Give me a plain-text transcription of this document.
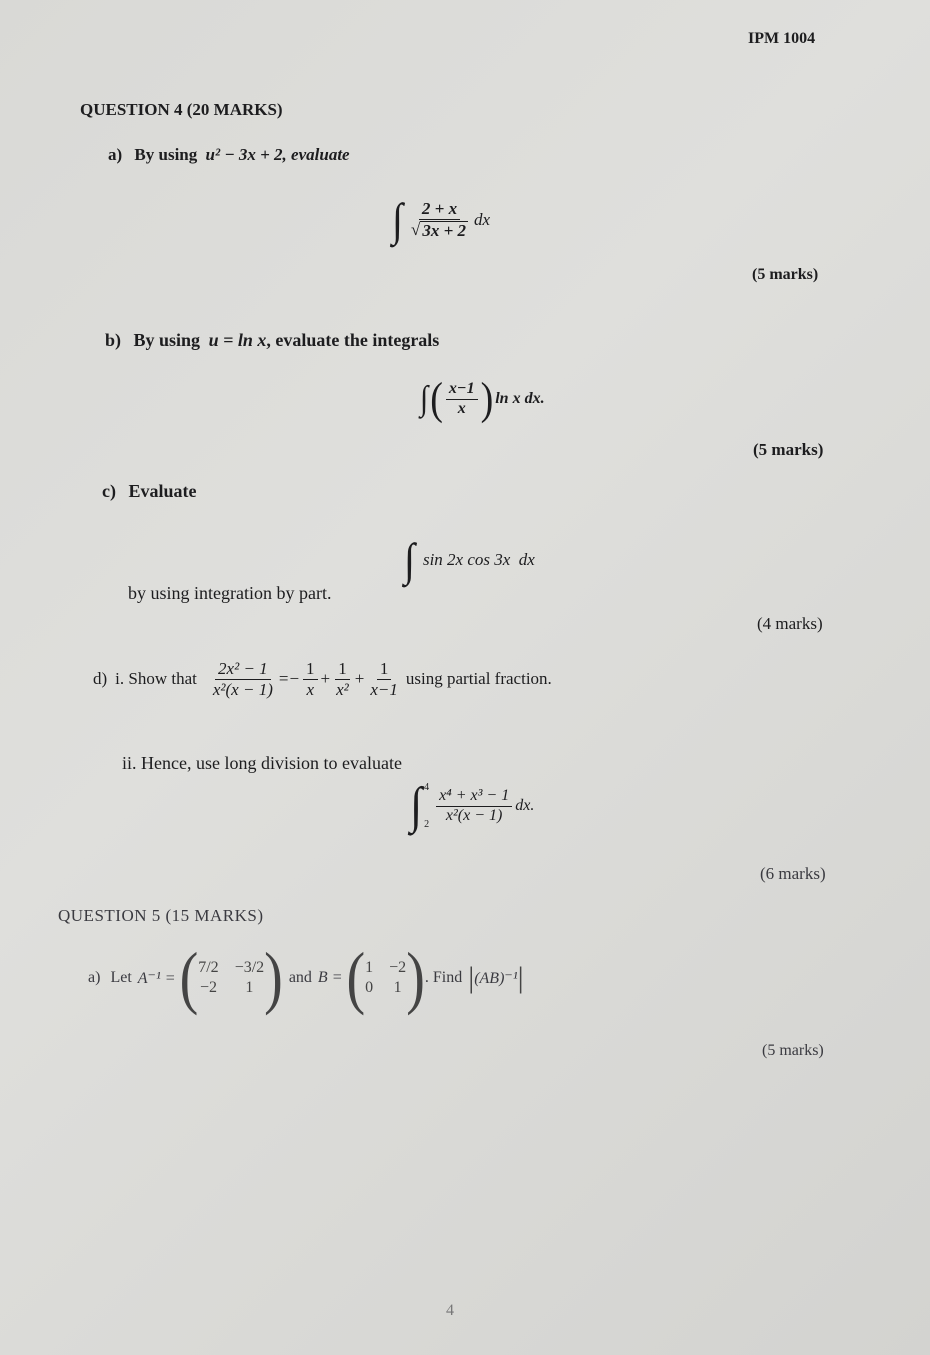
IPM 1004
QUESTION 4 (20 MARKS)
a) By using u² − 3x + 2, evaluate
∫ $\frac{2 + x}{√ 3x + 2}$ dx
(5 marks)
b) By using u = ln x, evaluate the integrals
∫ ( $\frac{x-1}{x}$ ) ln x dx.
(5 marks)
c) Evaluate
∫ sin 2x cos 3x  dx
by using integration by part.
(4 marks)
d) i. Show that $\frac{\text{2x² − 1}}{\text{x²(x − 1)}}$ = − $\frac{1}{x} + \frac{1}{\text{x²}} + \frac{1}{x-1}$ using partial fraction.
ii. Hence, use long division to evaluate
∫ 4
2
$\frac{\text{x⁴ + x³ − 1}}{\text{x²(x − 1)}}$ dx.
(6 marks)
QUESTION 5 (15 MARKS)
a) Let A⁻¹ = ( 7/2 −3/2
−2	1 ) and B = ( 1 −2
0 1 ) . Find | (AB)⁻¹ |
(5 marks)
4
